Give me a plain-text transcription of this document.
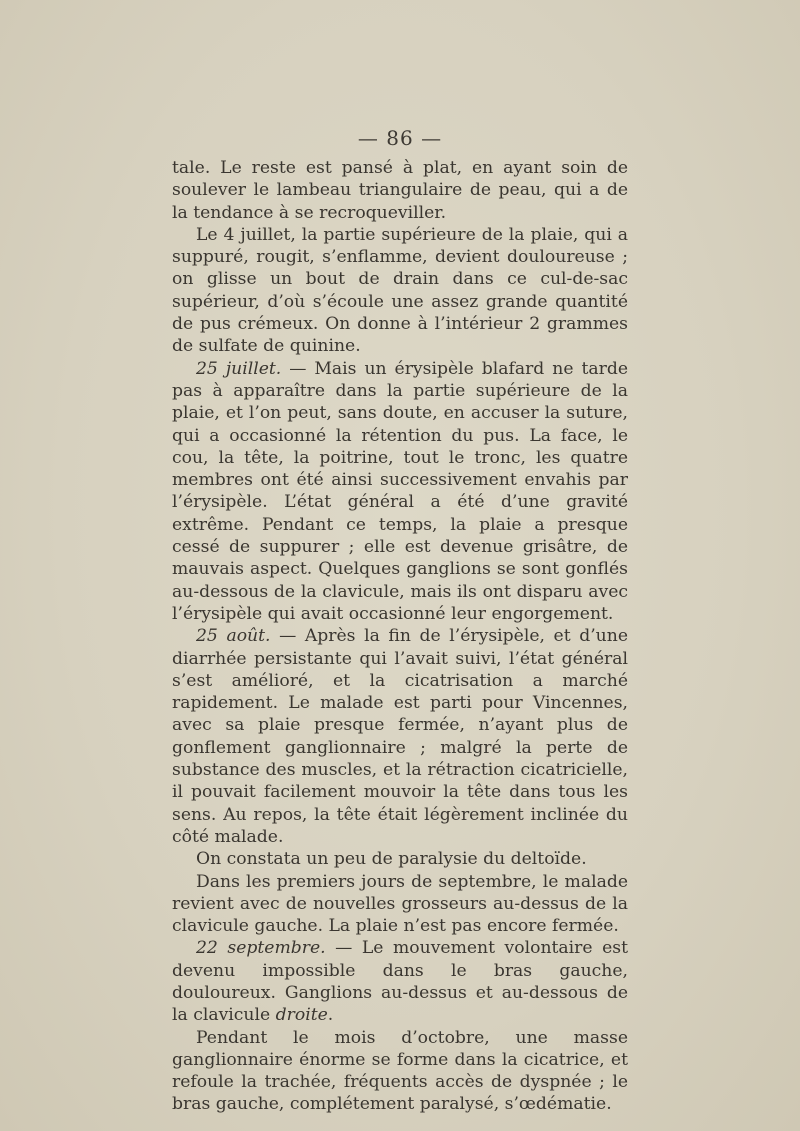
— 86 —

tale. Le reste est pansé à plat, en ayant soin de soulever le lambeau triangulaire de peau, qui a de la tendance à se recroqueviller.

Le 4 juillet, la partie supérieure de la plaie, qui a suppuré, rougit, s’enflamme, devient douloureuse ; on glisse un bout de drain dans ce cul-de-sac supérieur, d’où s’écoule une assez grande quantité de pus crémeux. On donne à l’intérieur 2 grammes de sulfate de quinine.

25 juillet. — Mais un érysipèle blafard ne tarde pas à apparaître dans la partie supérieure de la plaie, et l’on peut, sans doute, en accuser la suture, qui a occasionné la rétention du pus. La face, le cou, la tête, la poitrine, tout le tronc, les quatre membres ont été ainsi successivement envahis par l’érysipèle. L’état général a été d’une gravité extrême. Pendant ce temps, la plaie a presque cessé de suppurer ; elle est devenue grisâtre, de mauvais aspect. Quelques ganglions se sont gonflés au-dessous de la clavicule, mais ils ont disparu avec l’érysipèle qui avait occasionné leur engorgement.

25 août. — Après la fin de l’érysipèle, et d’une diarrhée persistante qui l’avait suivi, l’état général s’est amélioré, et la cicatrisation a marché rapidement. Le malade est parti pour Vincennes, avec sa plaie presque fermée, n’ayant plus de gonflement ganglionnaire ; malgré la perte de substance des muscles, et la rétraction cicatricielle, il pouvait facilement mouvoir la tête dans tous les sens. Au repos, la tête était légèrement inclinée du côté malade.

On constata un peu de paralysie du deltoïde.

Dans les premiers jours de septembre, le malade revient avec de nouvelles grosseurs au-dessus de la clavicule gauche. La plaie n’est pas encore fermée.

22 septembre. — Le mouvement volontaire est devenu impossible dans le bras gauche, douloureux. Ganglions au-dessus et au-dessous de la clavicule droite.

Pendant le mois d’octobre, une masse ganglionnaire énorme se forme dans la cicatrice, et refoule la trachée, fréquents accès de dyspnée ; le bras gauche, complétement paralysé, s’œdématie.
